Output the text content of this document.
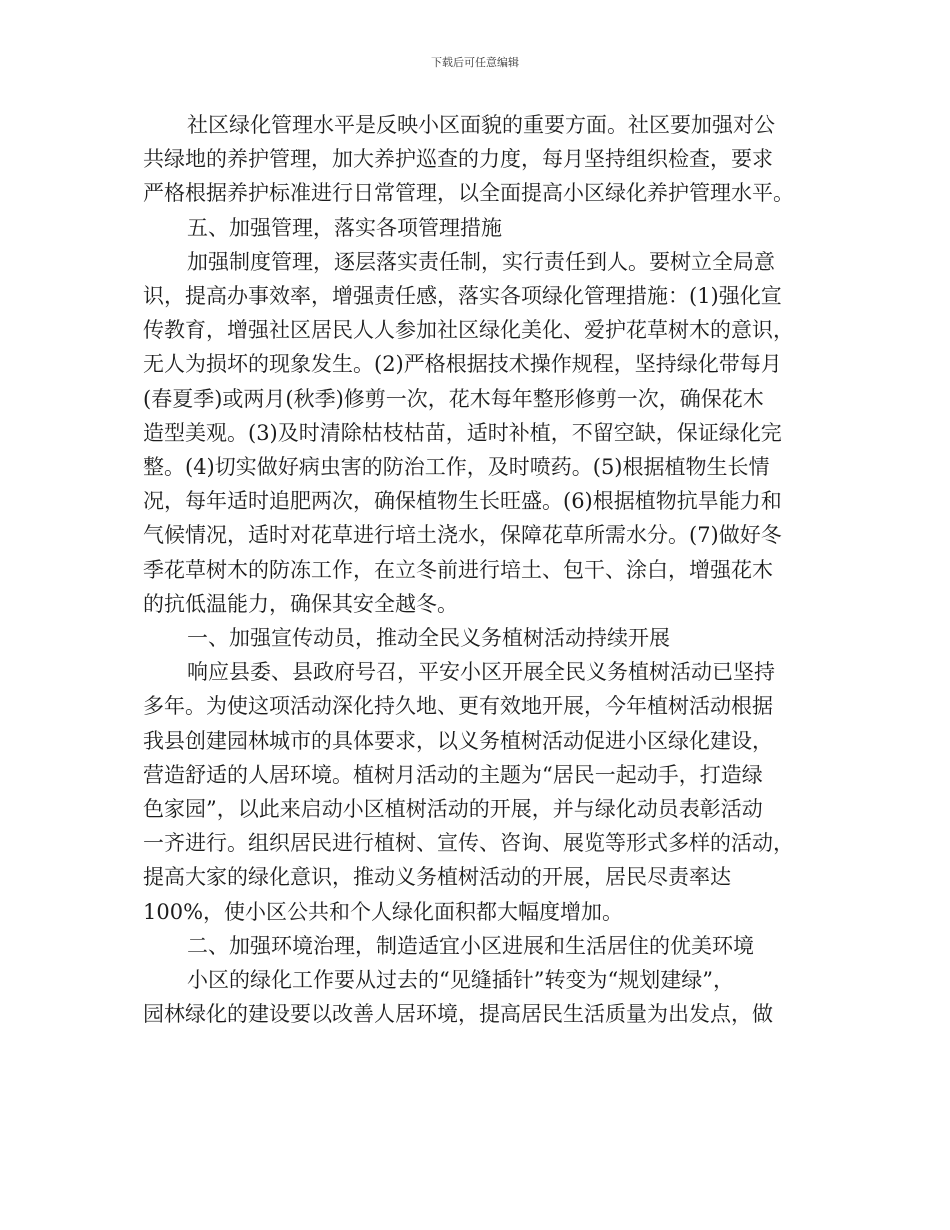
下载后可任意编辑
社区绿化管理水平是反映小区面貌的重要方面。社区要加强对公
共绿地的养护管理，加大养护巡查的力度，每月坚持组织检查，要求
严格根据养护标准进行日常管理，以全面提高小区绿化养护管理水平。
五、加强管理，落实各项管理措施
加强制度管理，逐层落实责任制，实行责任到人。要树立全局意
识，提高办事效率，增强责任感，落实各项绿化管理措施：(1)强化宣
传教育，增强社区居民人人参加社区绿化美化、爱护花草树木的意识，
无人为损坏的现象发生。(2)严格根据技术操作规程，坚持绿化带每月
(春夏季)或两月(秋季)修剪一次，花木每年整形修剪一次，确保花木
造型美观。(3)及时清除枯枝枯苗，适时补植，不留空缺，保证绿化完
整。(4)切实做好病虫害的防治工作，及时喷药。(5)根据植物生长情
况，每年适时追肥两次，确保植物生长旺盛。(6)根据植物抗旱能力和
气候情况，适时对花草进行培土浇水，保障花草所需水分。(7)做好冬
季花草树木的防冻工作，在立冬前进行培土、包干、涂白，增强花木
的抗低温能力，确保其安全越冬。
一、加强宣传动员，推动全民义务植树活动持续开展
响应县委、县政府号召，平安小区开展全民义务植树活动已坚持
多年。为使这项活动深化持久地、更有效地开展，今年植树活动根据
我县创建园林城市的具体要求，以义务植树活动促进小区绿化建设，
营造舒适的人居环境。植树月活动的主题为“居民一起动手，打造绿
色家园”，以此来启动小区植树活动的开展，并与绿化动员表彰活动
一齐进行。组织居民进行植树、宣传、咨询、展览等形式多样的活动，
提高大家的绿化意识，推动义务植树活动的开展，居民尽责率达
100%，使小区公共和个人绿化面积都大幅度增加。
二、加强环境治理，制造适宜小区进展和生活居住的优美环境
小区的绿化工作要从过去的“见缝插针”转变为“规划建绿”，
园林绿化的建设要以改善人居环境，提高居民生活质量为出发点，做
